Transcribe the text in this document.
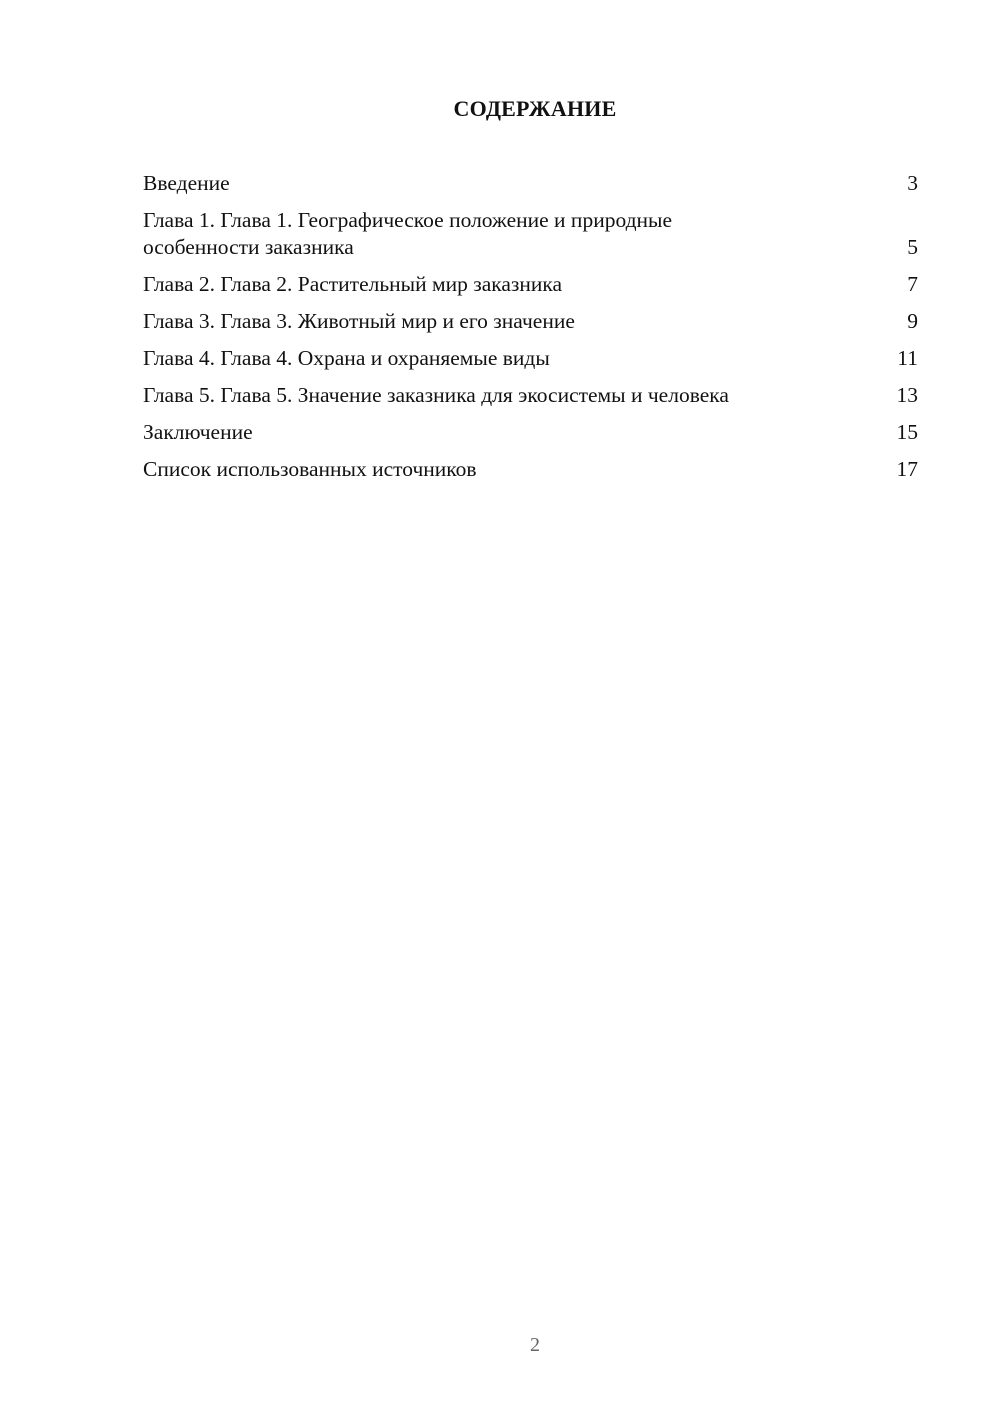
СОДЕРЖАНИЕ
Введение	3
Глава 1. Глава 1. Географическое положение и природные особенности заказника	5
Глава 2. Глава 2. Растительный мир заказника	7
Глава 3. Глава 3. Животный мир и его значение	9
Глава 4. Глава 4. Охрана и охраняемые виды	11
Глава 5. Глава 5. Значение заказника для экосистемы и человека	13
Заключение	15
Список использованных источников	17
2
